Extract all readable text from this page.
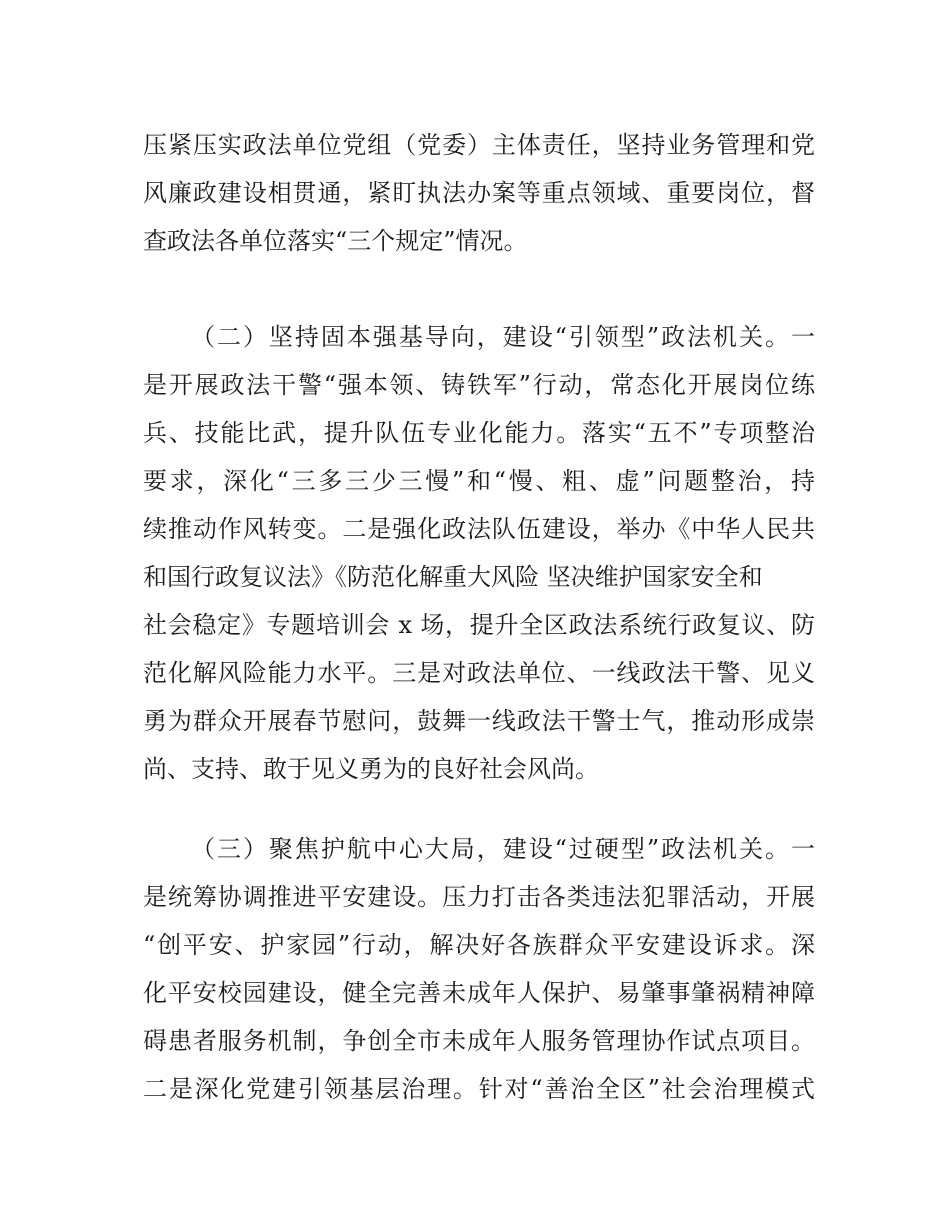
压紧压实政法单位党组（党委）主体责任，坚持业务管理和党
风廉政建设相贯通，紧盯执法办案等重点领域、重要岗位，督
查政法各单位落实“三个规定”情况。
（二）坚持固本强基导向，建设“引领型”政法机关。一
是开展政法干警“强本领、铸铁军”行动，常态化开展岗位练
兵、技能比武，提升队伍专业化能力。落实“五不”专项整治
要求，深化“三多三少三慢”和“慢、粗、虚”问题整治，持
续推动作风转变。二是强化政法队伍建设，举办《中华人民共
和国行政复议法》《防范化解重大风险 坚决维护国家安全和
社会稳定》专题培训会 x 场，提升全区政法系统行政复议、防
范化解风险能力水平。三是对政法单位、一线政法干警、见义
勇为群众开展春节慰问，鼓舞一线政法干警士气，推动形成崇
尚、支持、敢于见义勇为的良好社会风尚。
（三）聚焦护航中心大局，建设“过硬型”政法机关。一
是统筹协调推进平安建设。压力打击各类违法犯罪活动，开展
“创平安、护家园”行动，解决好各族群众平安建设诉求。深
化平安校园建设，健全完善未成年人保护、易肇事肇祸精神障
碍患者服务机制，争创全市未成年人服务管理协作试点项目。
二是深化党建引领基层治理。针对“善治全区”社会治理模式
